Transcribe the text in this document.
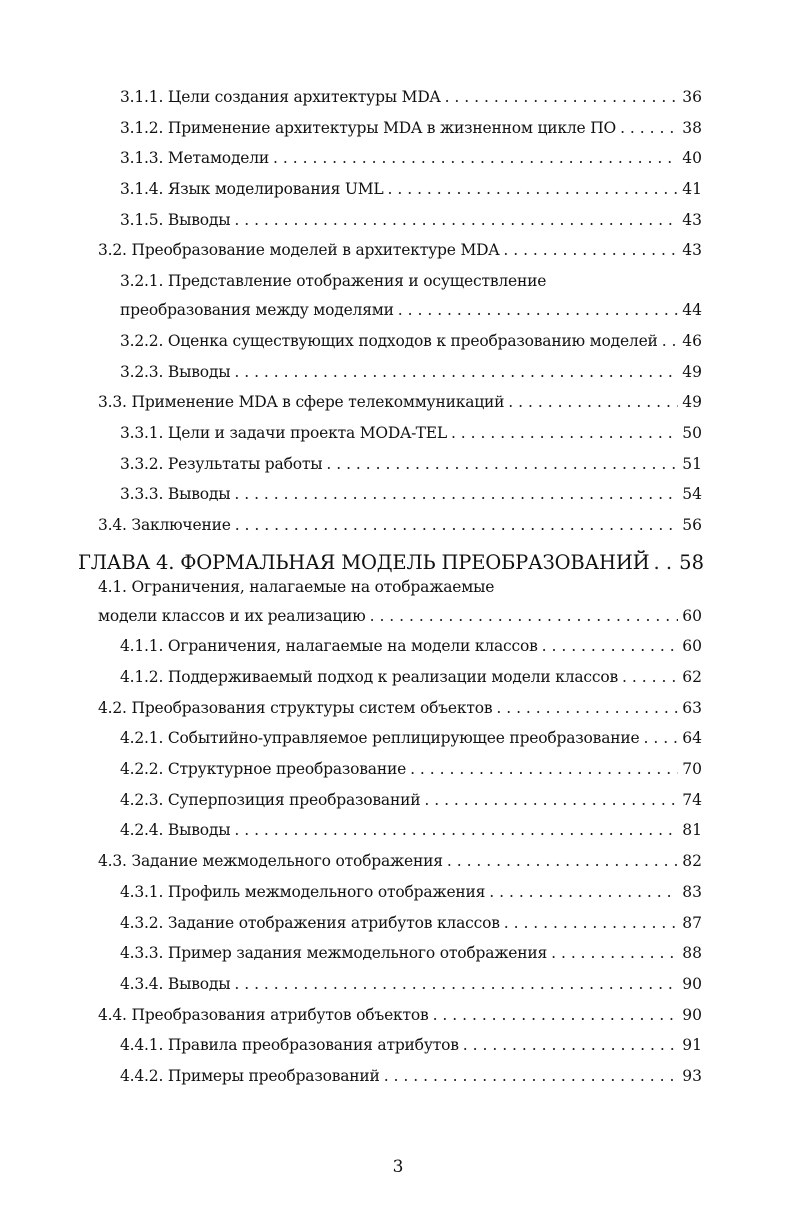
3.1.1. Цели создания архитектуры MDA . . .	36
3.1.2. Применение архитектуры MDA в жизненном цикле ПО . . .	38
3.1.3. Метамодели . . .	40
3.1.4. Язык моделирования UML . . .	41
3.1.5. Выводы . . .	43
3.2. Преобразование моделей в архитектуре MDA . . .	43
3.2.1. Представление отображения и осуществление
преобразования между моделями . . .	44
3.2.2. Оценка существующих подходов к преобразованию моделей . . . 46
3.2.3. Выводы . . .	49
3.3. Применение MDA в сфере телекоммуникаций . . .	49
3.3.1. Цели и задачи проекта MODA-TEL . . .	50
3.3.2. Результаты работы . . .	51
3.3.3. Выводы . . .	54
3.4. Заключение . . .	56
ГЛАВА 4. ФОРМАЛЬНАЯ МОДЕЛЬ ПРЕОБРАЗОВАНИЙ . . . 58
4.1. Ограничения, налагаемые на отображаемые
модели классов и их реализацию . . .	60
4.1.1. Ограничения, налагаемые на модели классов . . .	60
4.1.2. Поддерживаемый подход к реализации модели классов . . .	62
4.2. Преобразования структуры систем объектов . . .	63
4.2.1. Событийно-управляемое реплицирующее преобразование . . .	64
4.2.2. Структурное преобразование . . .	70
4.2.3. Суперпозиция преобразований . . .	74
4.2.4. Выводы . . .	81
4.3. Задание межмодельного отображения . . .	82
4.3.1. Профиль межмодельного отображения . . .	83
4.3.2. Задание отображения атрибутов классов . . .	87
4.3.3. Пример задания межмодельного отображения . . .	88
4.3.4. Выводы . . .	90
4.4. Преобразования атрибутов объектов . . .	90
4.4.1. Правила преобразования атрибутов . . .	91
4.4.2. Примеры преобразований . . .	93
3
